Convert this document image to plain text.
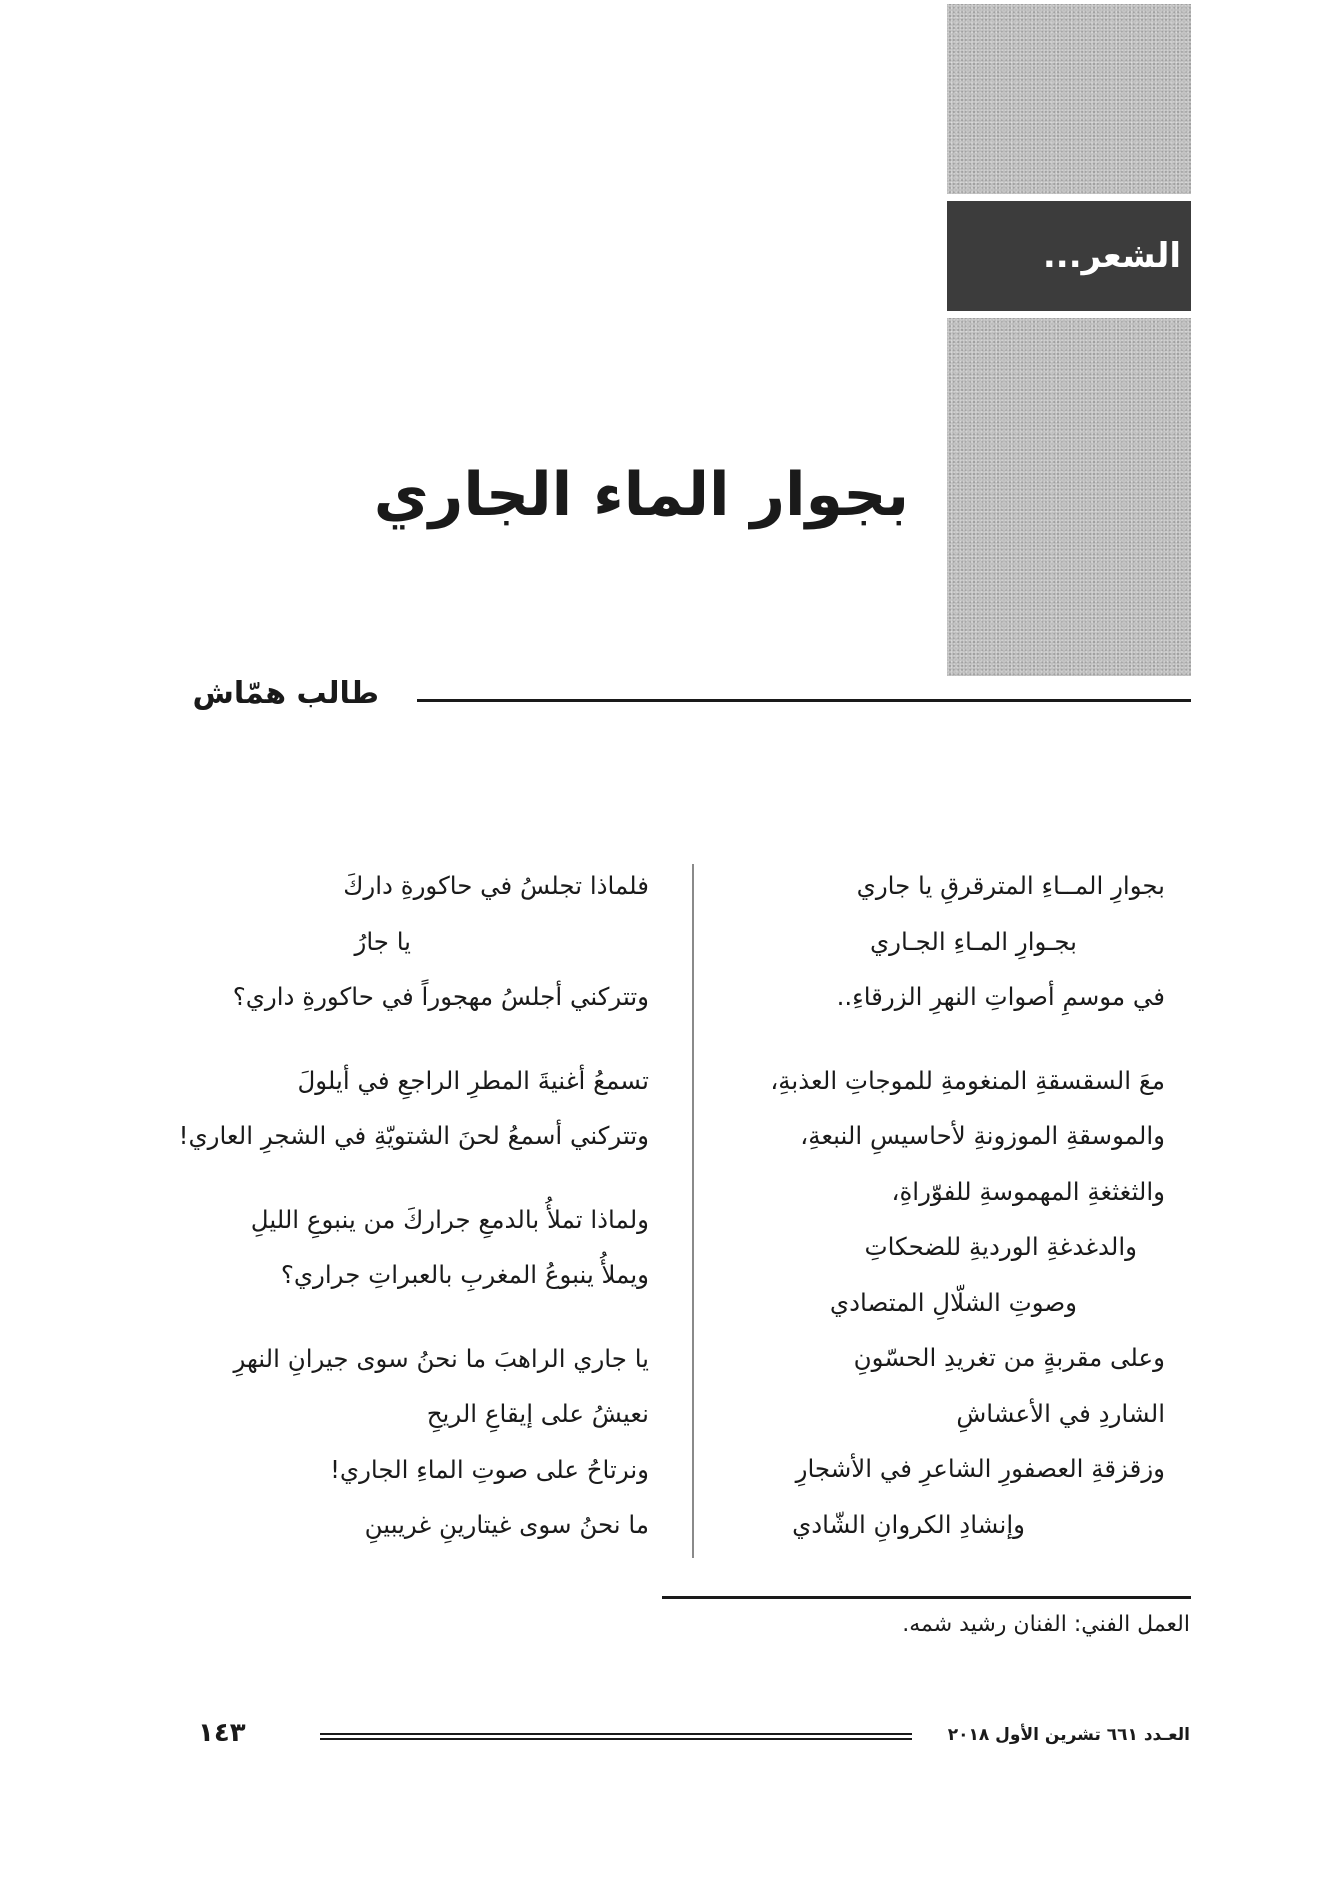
الشعر...
بجوار الماء الجاري
طالب همّاش
بجوارِ المــاءِ المترقرقِ يا جاري
بجـوارِ المـاءِ الجـاري
في موسمِ أصواتِ النهرِ الزرقاءِ..
معَ السقسقةِ المنغومةِ للموجاتِ العذبةِ،
والموسقةِ الموزونةِ لأحاسيسِ النبعةِ،
والثغثغةِ المهموسةِ للفوّراةِ،
والدغدغةِ الورديةِ للضحكاتِ
وصوتِ الشلّالِ المتصادي
وعلى مقربةٍ من تغريدِ الحسّونِ
الشاردِ في الأعشاشِ
وزقزقةِ العصفورِ الشاعرِ في الأشجارِ
وإنشادِ الكروانِ الشّادي
فلماذا تجلسُ في حاكورةِ داركَ
يا جارُ
وتتركني أجلسُ مهجوراً في حاكورةِ داري؟
تسمعُ أغنيةَ المطرِ الراجعِ في أيلولَ
وتتركني أسمعُ لحنَ الشتويّةِ في الشجرِ العاري!
ولماذا تملأُ بالدمعِ جراركَ من ينبوعِ الليلِ
ويملأُ ينبوعُ المغربِ بالعبراتِ جراري؟
يا جاري الراهبَ ما نحنُ سوى جيرانِ النهرِ
نعيشُ على إيقاعِ الريحِ
ونرتاحُ على صوتِ الماءِ الجاري!
ما نحنُ سوى غيتارينِ غريبينِ
العمل الفني: الفنان رشيد شمه.
العـدد ٦٦١ تشرين الأول ٢٠١٨
١٤٣
